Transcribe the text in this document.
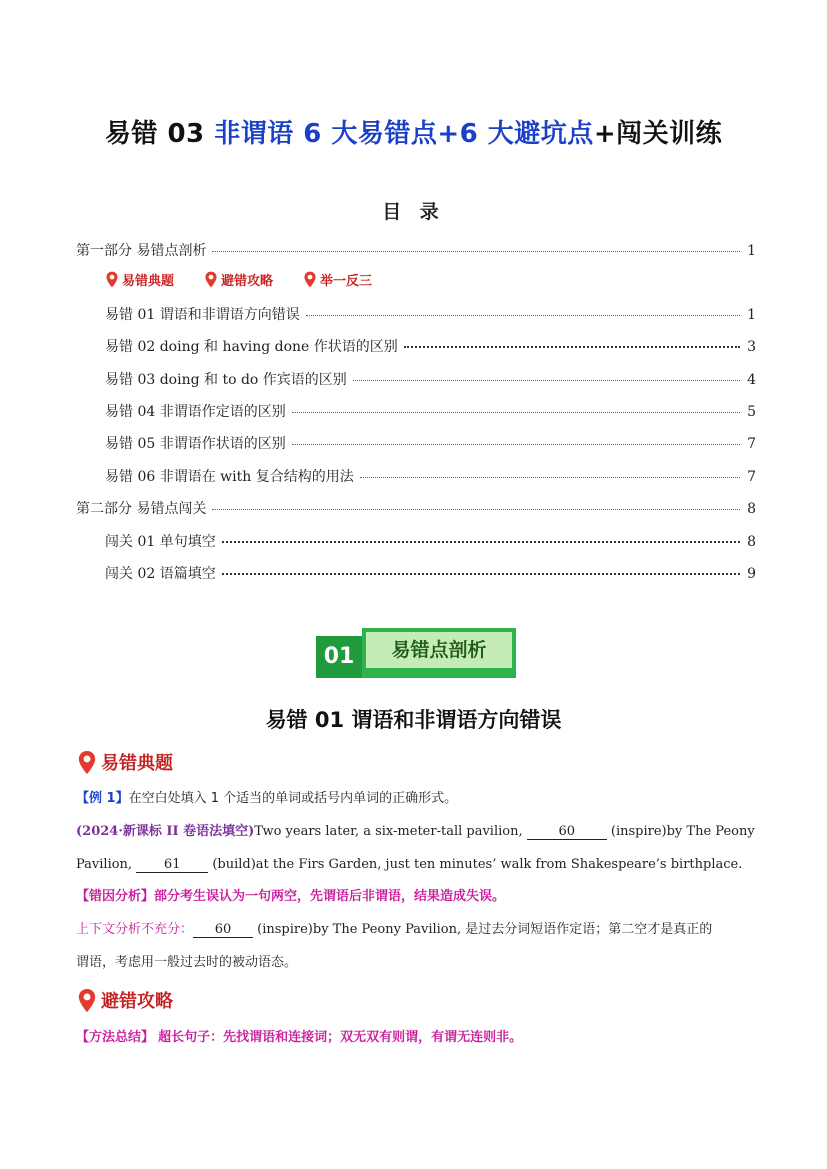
易错 03 非谓语 6 大易错点+6 大避坑点+闯关训练
目 录
第一部分 易错点剖析	1
易错典题	避错攻略	举一反三
易错 01 谓语和非谓语方向错误	1
易错 02 doing 和 having done 作状语的区别	3
易错 03 doing 和 to do 作宾语的区别	4
易错 04 非谓语作定语的区别	5
易错 05 非谓语作状语的区别	7
易错 06 非谓语在 with 复合结构的用法	7
第二部分 易错点闯关	8
闯关 01 单句填空	8
闯关 02 语篇填空	9
易错点剖析
01
易错 01 谓语和非谓语方向错误
易错典题
【例 1】在空白处填入 1 个适当的单词或括号内单词的正确形式。
(2024·新课标 II 卷语法填空)Two years later, a six-meter-tall pavilion, 60 (inspire)by The Peony Pavilion, 61 (build)at the Firs Garden, just ten minutes’ walk from Shakespeare’s birthplace.
【错因分析】部分考生误认为一句两空，先谓语后非谓语，结果造成失误。
上下文分析不充分： 60 (inspire)by The Peony Pavilion, 是过去分词短语作定语；第二空才是真正的
谓语，考虑用一般过去时的被动语态。
避错攻略
【方法总结】 超长句子：先找谓语和连接词；双无双有则谓，有谓无连则非。
